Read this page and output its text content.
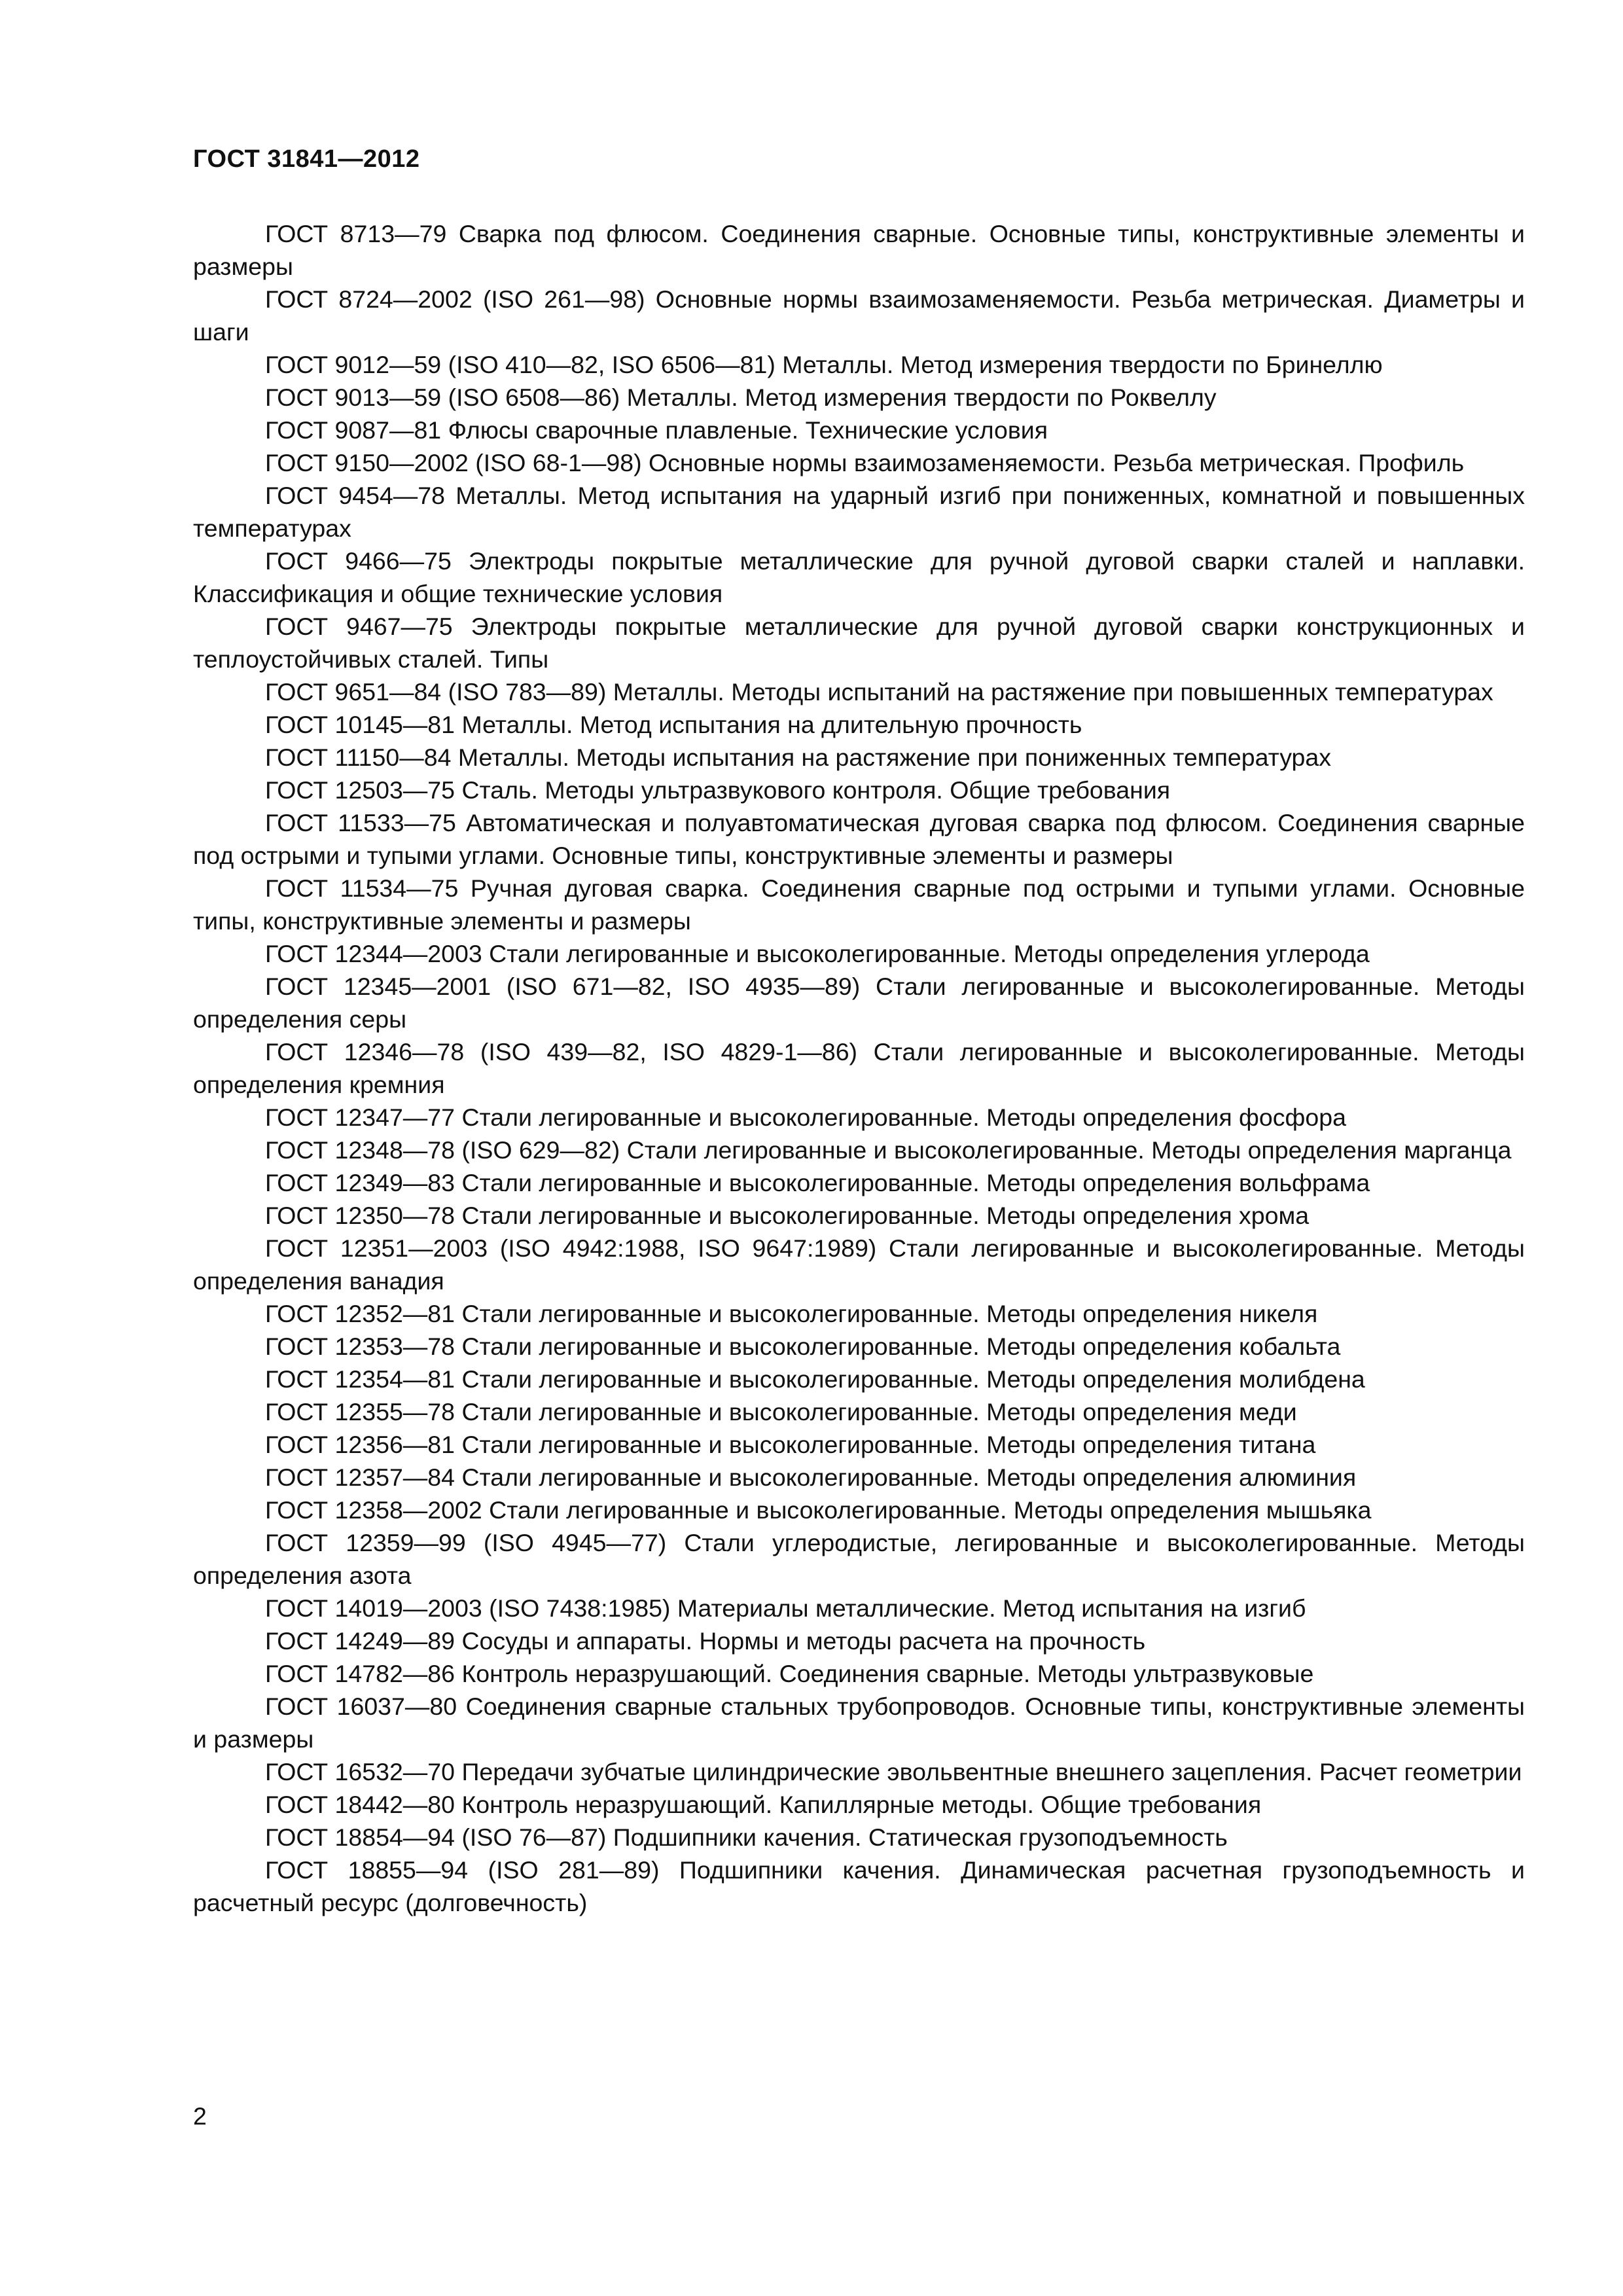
ГОСТ 31841—2012
ГОСТ 8713—79 Сварка под флюсом. Соединения сварные. Основные типы, конструктивные элементы и размеры
ГОСТ 8724—2002 (ISO 261—98) Основные нормы взаимозаменяемости. Резьба метрическая. Диаметры и шаги
ГОСТ 9012—59 (ISO 410—82, ISO 6506—81) Металлы. Метод измерения твердости по Бринеллю
ГОСТ 9013—59 (ISO 6508—86) Металлы. Метод измерения твердости по Роквеллу
ГОСТ 9087—81 Флюсы сварочные плавленые. Технические условия
ГОСТ 9150—2002 (ISO 68-1—98) Основные нормы взаимозаменяемости. Резьба метрическая. Профиль
ГОСТ 9454—78 Металлы. Метод испытания на ударный изгиб при пониженных, комнатной и повышенных температурах
ГОСТ 9466—75 Электроды покрытые металлические для ручной дуговой сварки сталей и наплавки. Классификация и общие технические условия
ГОСТ 9467—75 Электроды покрытые металлические для ручной дуговой сварки конструкционных и теплоустойчивых сталей. Типы
ГОСТ 9651—84 (ISO 783—89) Металлы. Методы испытаний на растяжение при повышенных температурах
ГОСТ 10145—81 Металлы. Метод испытания на длительную прочность
ГОСТ 11150—84 Металлы. Методы испытания на растяжение при пониженных температурах
ГОСТ 12503—75 Сталь. Методы ультразвукового контроля. Общие требования
ГОСТ 11533—75 Автоматическая и полуавтоматическая дуговая сварка под флюсом. Соединения сварные под острыми и тупыми углами. Основные типы, конструктивные элементы и размеры
ГОСТ 11534—75 Ручная дуговая сварка. Соединения сварные под острыми и тупыми углами. Основные типы, конструктивные элементы и размеры
ГОСТ 12344—2003 Стали легированные и высоколегированные. Методы определения углерода
ГОСТ 12345—2001 (ISO 671—82, ISO 4935—89) Стали легированные и высоколегированные. Методы определения серы
ГОСТ 12346—78 (ISO 439—82, ISO 4829-1—86) Стали легированные и высоколегированные. Методы определения кремния
ГОСТ 12347—77 Стали легированные и высоколегированные. Методы определения фосфора
ГОСТ 12348—78 (ISO 629—82) Стали легированные и высоколегированные. Методы определения марганца
ГОСТ 12349—83 Стали легированные и высоколегированные. Методы определения вольфрама
ГОСТ 12350—78 Стали легированные и высоколегированные. Методы определения хрома
ГОСТ 12351—2003 (ISO 4942:1988, ISO 9647:1989) Стали легированные и высоколегированные. Методы определения ванадия
ГОСТ 12352—81 Стали легированные и высоколегированные. Методы определения никеля
ГОСТ 12353—78 Стали легированные и высоколегированные. Методы определения кобальта
ГОСТ 12354—81 Стали легированные и высоколегированные. Методы определения молибдена
ГОСТ 12355—78 Стали легированные и высоколегированные. Методы определения меди
ГОСТ 12356—81 Стали легированные и высоколегированные. Методы определения титана
ГОСТ 12357—84 Стали легированные и высоколегированные. Методы определения алюминия
ГОСТ 12358—2002 Стали легированные и высоколегированные. Методы определения мышьяка
ГОСТ 12359—99 (ISO 4945—77) Стали углеродистые, легированные и высоколегированные. Методы определения азота
ГОСТ 14019—2003 (ISO 7438:1985) Материалы металлические. Метод испытания на изгиб
ГОСТ 14249—89 Сосуды и аппараты. Нормы и методы расчета на прочность
ГОСТ 14782—86 Контроль неразрушающий. Соединения сварные. Методы ультразвуковые
ГОСТ 16037—80 Соединения сварные стальных трубопроводов. Основные типы, конструктивные элементы и размеры
ГОСТ 16532—70 Передачи зубчатые цилиндрические эвольвентные внешнего зацепления. Расчет геометрии
ГОСТ 18442—80 Контроль неразрушающий. Капиллярные методы. Общие требования
ГОСТ 18854—94 (ISO 76—87) Подшипники качения. Статическая грузоподъемность
ГОСТ 18855—94 (ISO 281—89) Подшипники качения. Динамическая расчетная грузоподъемность и расчетный ресурс (долговечность)
2
